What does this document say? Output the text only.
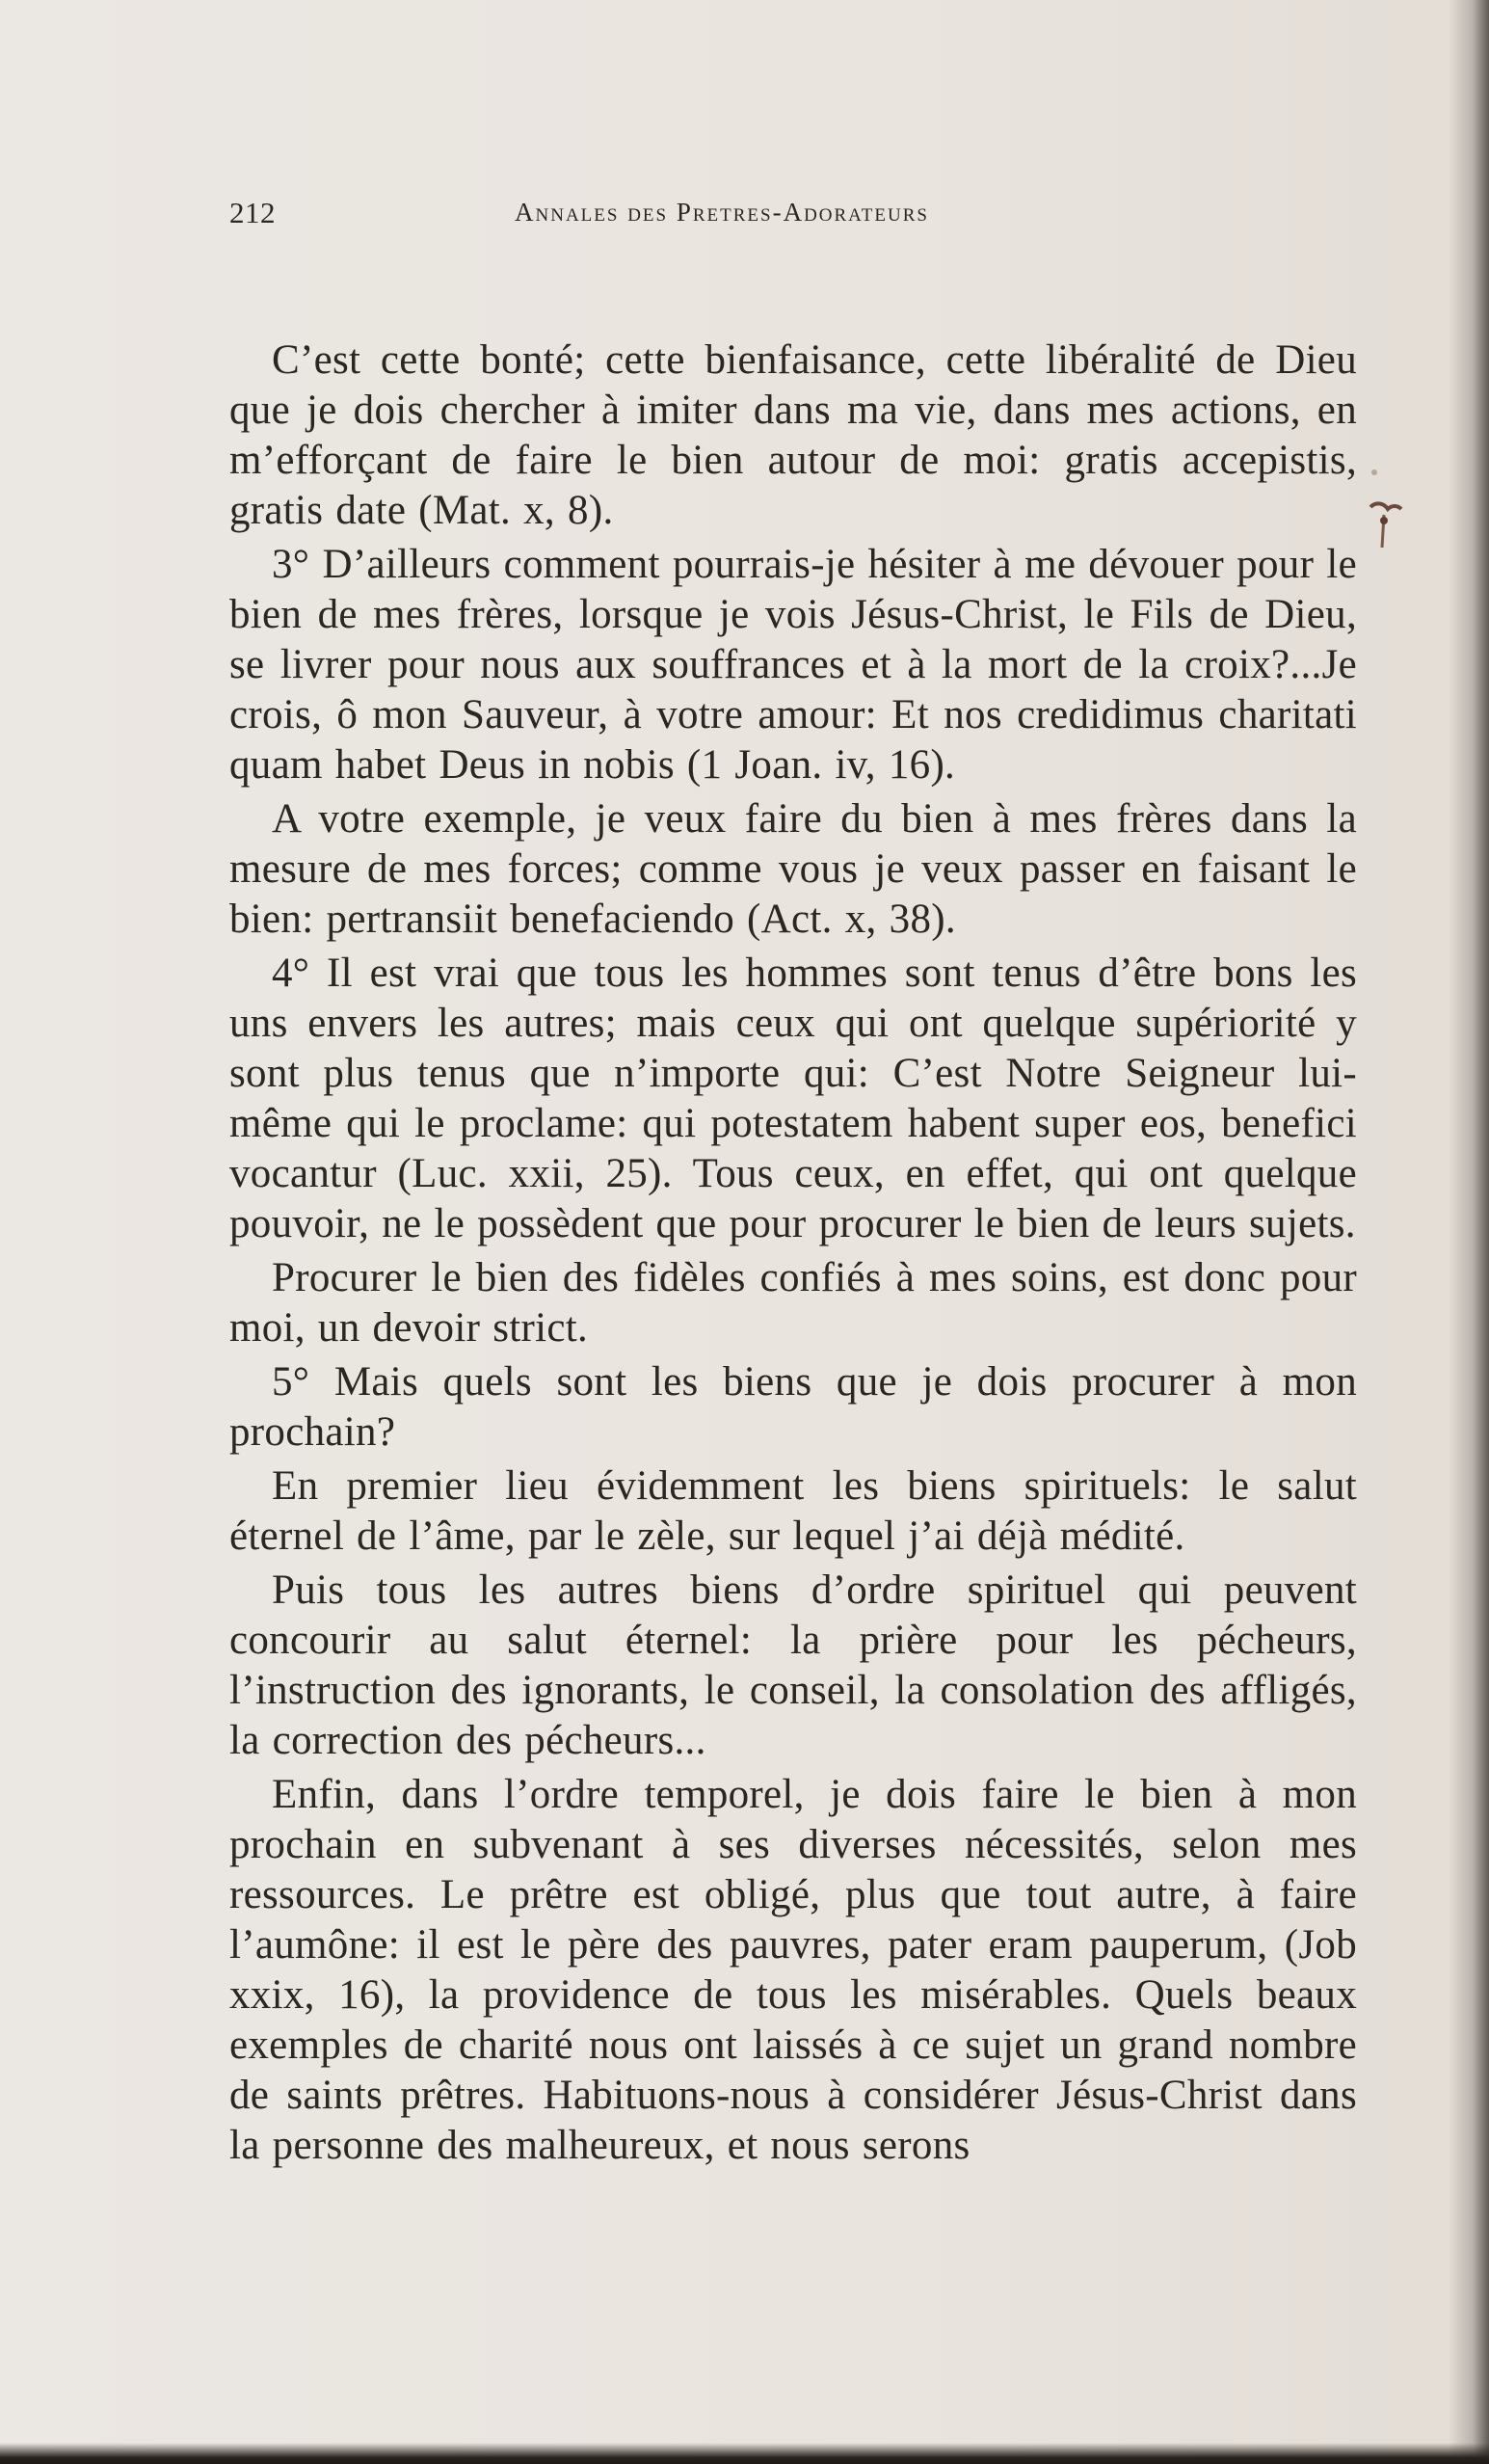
212	Annales des Pretres-Adorateurs

C’est cette bonté; cette bienfaisance, cette libéralité de Dieu que je dois chercher à imiter dans ma vie, dans mes actions, en m’efforçant de faire le bien autour de moi: gratis accepistis, gratis date (Mat. x, 8).

3° D’ailleurs comment pourrais-je hésiter à me dévouer pour le bien de mes frères, lorsque je vois Jésus-Christ, le Fils de Dieu, se livrer pour nous aux souffrances et à la mort de la croix?...Je crois, ô mon Sauveur, à votre amour: Et nos credidimus charitati quam habet Deus in nobis (1 Joan. iv, 16).

A votre exemple, je veux faire du bien à mes frères dans la mesure de mes forces; comme vous je veux passer en faisant le bien: pertransiit benefaciendo (Act. x, 38).

4° Il est vrai que tous les hommes sont tenus d’être bons les uns envers les autres; mais ceux qui ont quelque supériorité y sont plus tenus que n’importe qui: C’est Notre Seigneur lui-même qui le proclame: qui potestatem habent super eos, benefici vocantur (Luc. xxii, 25). Tous ceux, en effet, qui ont quelque pouvoir, ne le possèdent que pour procurer le bien de leurs sujets.

Procurer le bien des fidèles confiés à mes soins, est donc pour moi, un devoir strict.

5° Mais quels sont les biens que je dois procurer à mon prochain?

En premier lieu évidemment les biens spirituels: le salut éternel de l’âme, par le zèle, sur lequel j’ai déjà médité.

Puis tous les autres biens d’ordre spirituel qui peuvent concourir au salut éternel: la prière pour les pécheurs, l’instruction des ignorants, le conseil, la consolation des affligés, la correction des pécheurs...

Enfin, dans l’ordre temporel, je dois faire le bien à mon prochain en subvenant à ses diverses nécessités, selon mes ressources. Le prêtre est obligé, plus que tout autre, à faire l’aumône: il est le père des pauvres, pater eram pauperum, (Job xxix, 16), la providence de tous les misérables. Quels beaux exemples de charité nous ont laissés à ce sujet un grand nombre de saints prêtres. Habituons-nous à considérer Jésus-Christ dans la personne des malheureux, et nous serons
